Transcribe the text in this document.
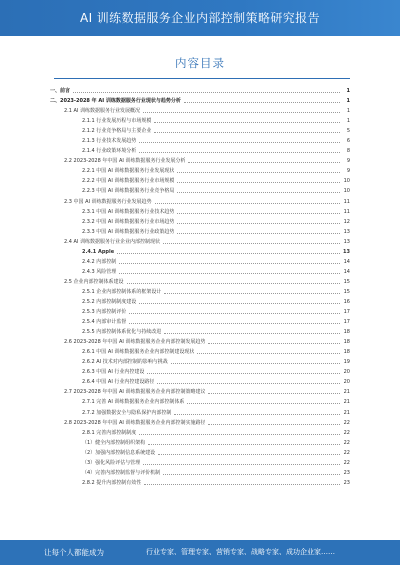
AI 训练数据服务企业内部控制策略研究报告
内容目录
一、前言	1
二、2023-2028 年 AI 训练数据服务行业现状与趋势分析	1
2.1 AI 训练数据服务行业发展概况	1
2.1.1 行业发展历程与市场规模	1
2.1.2 行业竞争格局与主要企业	5
2.1.3 行业技术发展趋势	6
2.1.4 行业政策环境分析	8
2.2 2023-2028 年中国 AI 训练数据服务行业发展分析	9
2.2.1 中国 AI 训练数据服务行业发展现状	9
2.2.2 中国 AI 训练数据服务行业市场规模	10
2.2.3 中国 AI 训练数据服务行业竞争格局	10
2.3 中国 AI 训练数据服务行业发展趋势	11
2.3.1 中国 AI 训练数据服务行业技术趋势	11
2.3.2 中国 AI 训练数据服务行业市场趋势	12
2.3.3 中国 AI 训练数据服务行业政策趋势	13
2.4 AI 训练数据服务行业企业内部控制现状	13
2.4.1 Apple	13
2.4.2 内部控制	14
2.4.3 风险管理	14
2.5 企业内部控制体系建设	15
2.5.1 企业内部控制体系的框架设计	15
2.5.2 内部控制制度建设	16
2.5.3 内部控制评价	17
2.5.4 内部审计监督	17
2.5.5 内部控制体系优化与持续改进	18
2.6 2023-2028 年中国 AI 训练数据服务企业内部控制发展趋势	18
2.6.1 中国 AI 训练数据服务企业内部控制建设现状	18
2.6.2 AI 技术对内部控制的影响与挑战	19
2.6.3 中国 AI 行业内控建设	20
2.6.4 中国 AI 行业内控建设路径	20
2.7 2023-2028 年中国 AI 训练数据服务企业内部控制策略建议	21
2.7.1 完善 AI 训练数据服务企业内部控制体系	21
2.7.2 加强数据安全与隐私保护内部控制	21
2.8 2023-2028 年中国 AI 训练数据服务企业内部控制实施路径	22
2.8.1 完善内部控制制度	22
（1）健全内部控制组织架构	22
（2）加强内部控制信息系统建设	22
（3）强化风险评估与管理	22
（4）完善内部控制监督与评价机制	23
2.8.2 提升内部控制有效性	23
让每个人都能成为	行业专家、管理专家、营销专家、战略专家、成功企业家……
